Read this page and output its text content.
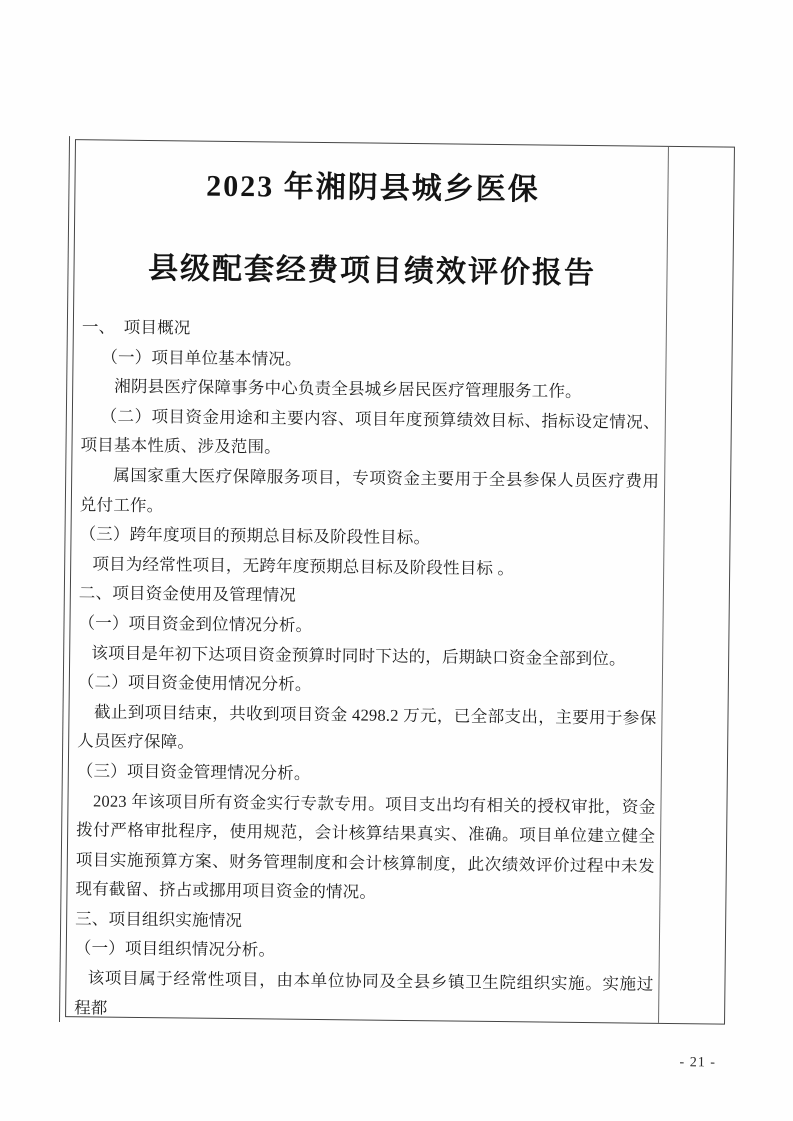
2023 年湘阴县城乡医保
县级配套经费项目绩效评价报告

一、　项目概况

（一）项目单位基本情况。

湘阴县医疗保障事务中心负责全县城乡居民医疗管理服务工作。

（二）项目资金用途和主要内容、项目年度预算绩效目标、指标设定情况、项目基本性质、涉及范围。

属国家重大医疗保障服务项目，专项资金主要用于全县参保人员医疗费用兑付工作。

（三）跨年度项目的预期总目标及阶段性目标。

项目为经常性项目，无跨年度预期总目标及阶段性目标 。

二、项目资金使用及管理情况

（一）项目资金到位情况分析。

该项目是年初下达项目资金预算时同时下达的，后期缺口资金全部到位。

（二）项目资金使用情况分析。

截止到项目结束，共收到项目资金 4298.2 万元，已全部支出，主要用于参保人员医疗保障。

（三）项目资金管理情况分析。

2023 年该项目所有资金实行专款专用。项目支出均有相关的授权审批，资金拨付严格审批程序，使用规范，会计核算结果真实、准确。项目单位建立健全项目实施预算方案、财务管理制度和会计核算制度，此次绩效评价过程中未发现有截留、挤占或挪用项目资金的情况。

三、项目组织实施情况

（一）项目组织情况分析。

该项目属于经常性项目，由本单位协同及全县乡镇卫生院组织实施。实施过程都

- 21 -
